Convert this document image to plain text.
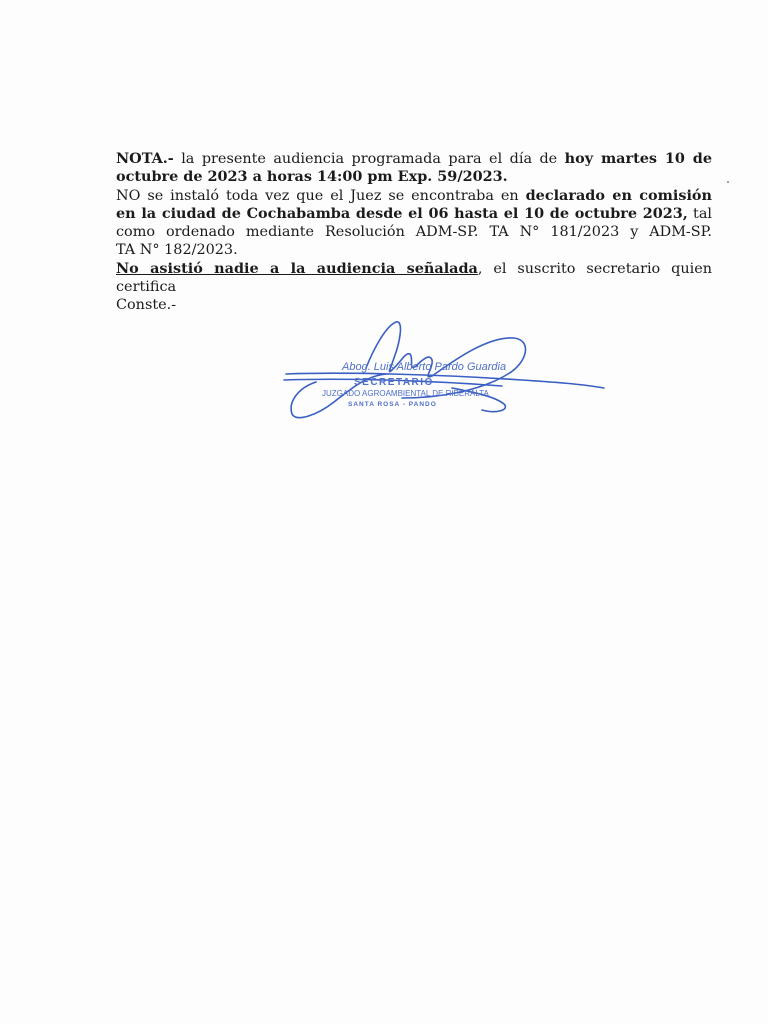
NOTA.- la presente audiencia programada para el día de hoy martes 10 de

octubre de 2023 a horas 14:00 pm Exp. 59/2023.

NO se instaló toda vez que el Juez se encontraba en declarado en comisión

en la ciudad de Cochabamba desde el 06 hasta el 10 de octubre 2023, tal

como ordenado mediante Resolución ADM-SP. TA N° 181/2023 y ADM-SP.

TA N° 182/2023.

No asistió nadie a la audiencia señalada, el suscrito secretario quien

certifica

Conste.-

Abog. Luis Alberto Pardo Guardia
SECRETARIO
JUZGADO AGROAMBIENTAL DE RIBERALTA
SANTA ROSA - PANDO
